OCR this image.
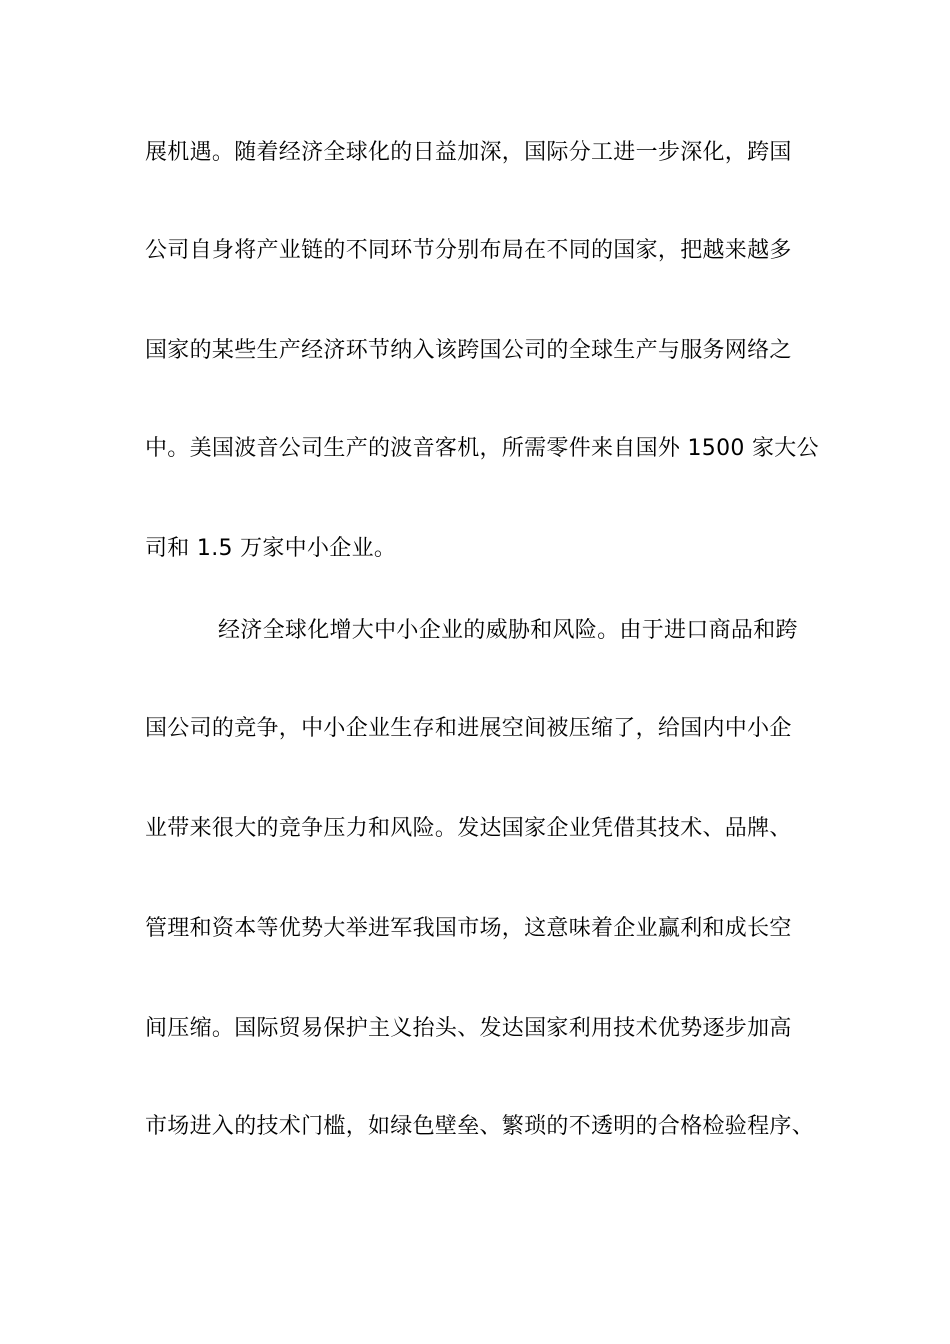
展机遇。随着经济全球化的日益加深，国际分工进一步深化，跨国
公司自身将产业链的不同环节分别布局在不同的国家，把越来越多
国家的某些生产经济环节纳入该跨国公司的全球生产与服务网络之
中。美国波音公司生产的波音客机，所需零件来自国外 1500 家大公
司和 1.5 万家中小企业。
经济全球化增大中小企业的威胁和风险。由于进口商品和跨
国公司的竞争，中小企业生存和进展空间被压缩了，给国内中小企
业带来很大的竞争压力和风险。发达国家企业凭借其技术、品牌、
管理和资本等优势大举进军我国市场，这意味着企业赢利和成长空
间压缩。国际贸易保护主义抬头、发达国家利用技术优势逐步加高
市场进入的技术门槛，如绿色壁垒、繁琐的不透明的合格检验程序、
